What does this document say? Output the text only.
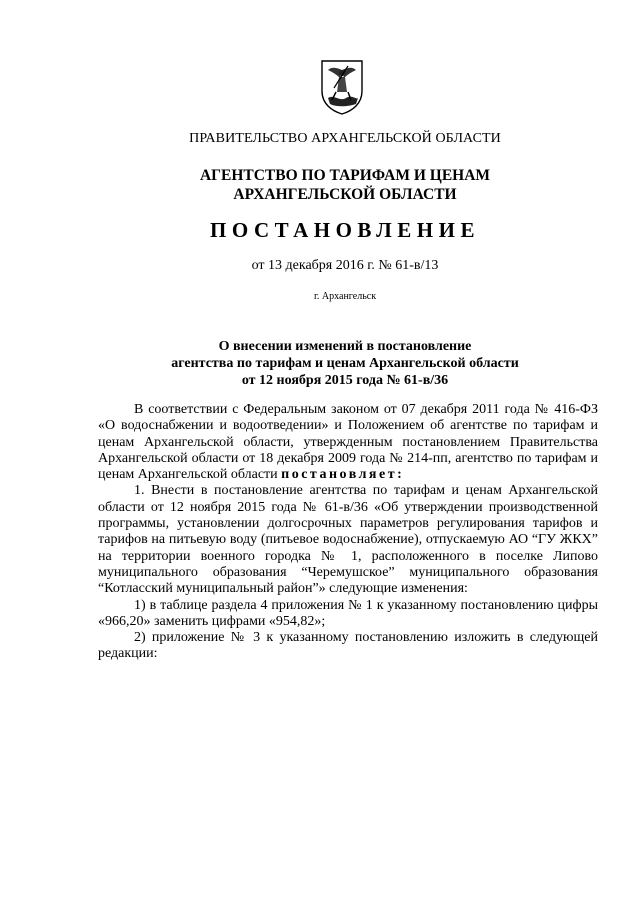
ПРАВИТЕЛЬСТВО АРХАНГЕЛЬСКОЙ ОБЛАСТИ
АГЕНТСТВО ПО ТАРИФАМ И ЦЕНАМ
АРХАНГЕЛЬСКОЙ ОБЛАСТИ
ПОСТАНОВЛЕНИЕ
от 13 декабря 2016 г. № 61-в/13
г. Архангельск
О внесении изменений в постановление
агентства по тарифам и ценам Архангельской области
от 12 ноября 2015 года № 61-в/36

В соответствии с Федеральным законом от 07 декабря 2011 года № 416-ФЗ «О водоснабжении и водоотведении» и Положением об агентстве по тарифам и ценам Архангельской области, утвержденным постановлением Правительства Архангельской области от 18 декабря 2009 года № 214-пп, агентство по тарифам и ценам Архангельской области постановляет:

1. Внести в постановление агентства по тарифам и ценам Архангельской области от 12 ноября 2015 года № 61-в/36 «Об утверждении производственной программы, установлении долгосрочных параметров регулирования тарифов и тарифов на питьевую воду (питьевое водоснабжение), отпускаемую АО “ГУ ЖКХ” на территории военного городка № 1, расположенного в поселке Липово муниципального образования “Черемушское” муниципального образования “Котласский муниципальный район”» следующие изменения:

1) в таблице раздела 4 приложения № 1 к указанному постановлению цифры «966,20» заменить цифрами «954,82»;

2) приложение № 3 к указанному постановлению изложить в следующей редакции:
